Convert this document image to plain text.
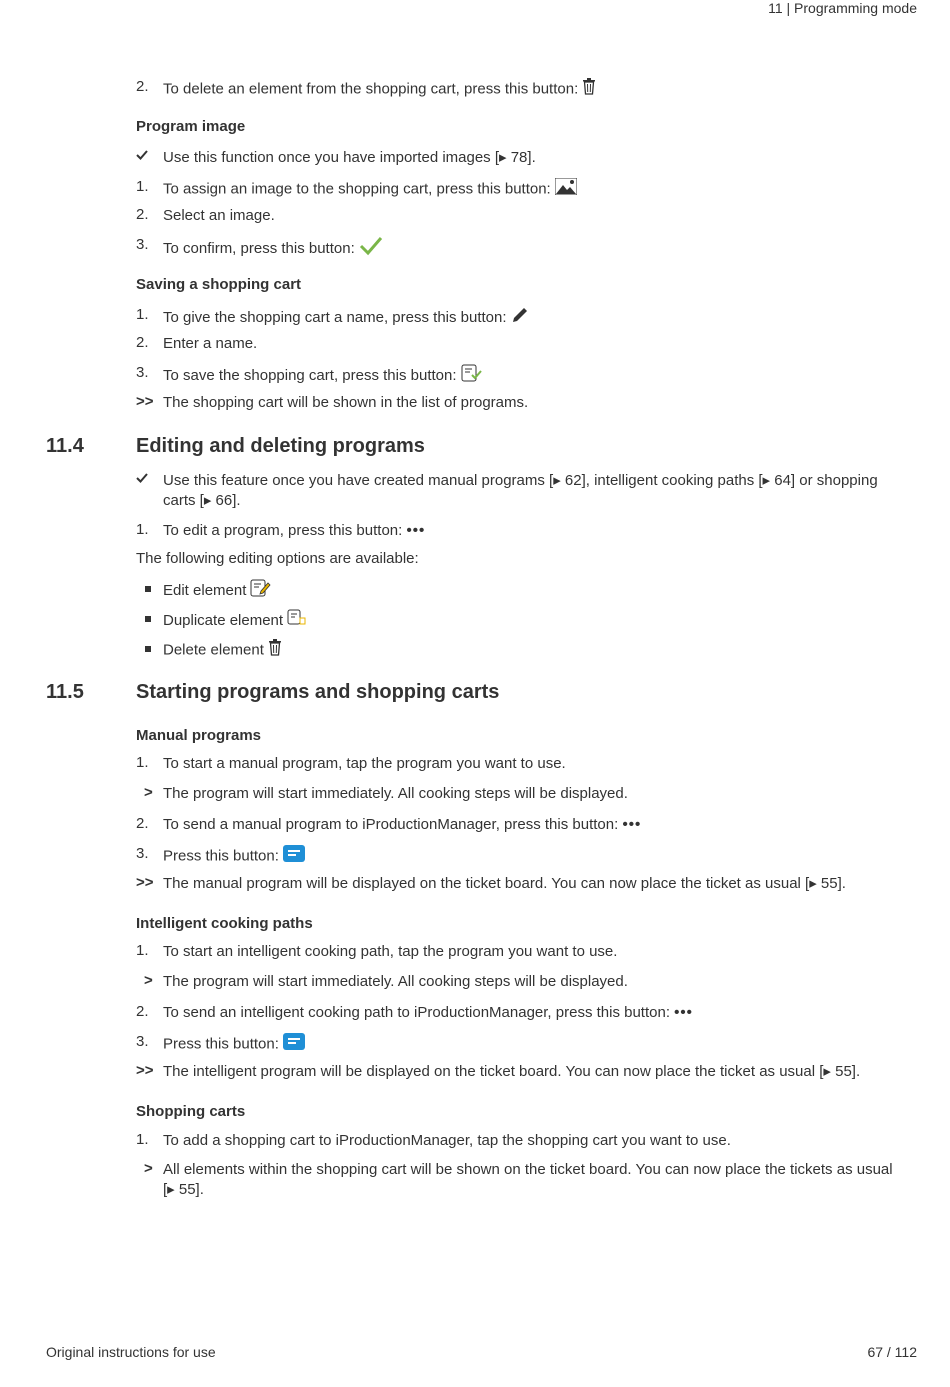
11 | Programming mode
2. To delete an element from the shopping cart, press this button:
Program image
Use this function once you have imported images [▸ 78].
1. To assign an image to the shopping cart, press this button:
2. Select an image.
3. To confirm, press this button:
Saving a shopping cart
1. To give the shopping cart a name, press this button:
2. Enter a name.
3. To save the shopping cart, press this button:
>> The shopping cart will be shown in the list of programs.
11.4	Editing and deleting programs
Use this feature once you have created manual programs [▸ 62], intelligent cooking paths [▸ 64] or shopping
carts [▸ 66].
1. To edit a program, press this button: •••
The following editing options are available:
Edit element
Duplicate element
Delete element
11.5	Starting programs and shopping carts
Manual programs
1. To start a manual program, tap the program you want to use.
> The program will start immediately. All cooking steps will be displayed.
2. To send a manual program to iProductionManager, press this button: •••
3. Press this button:
>> The manual program will be displayed on the ticket board. You can now place the ticket as usual [▸ 55].
Intelligent cooking paths
1. To start an intelligent cooking path, tap the program you want to use.
> The program will start immediately. All cooking steps will be displayed.
2. To send an intelligent cooking path to iProductionManager, press this button: •••
3. Press this button:
>> The intelligent program will be displayed on the ticket board. You can now place the ticket as usual [▸ 55].
Shopping carts
1. To add a shopping cart to iProductionManager, tap the shopping cart you want to use.
> All elements within the shopping cart will be shown on the ticket board. You can now place the tickets as usual
[▸ 55].
Original instructions for use	67 / 112
